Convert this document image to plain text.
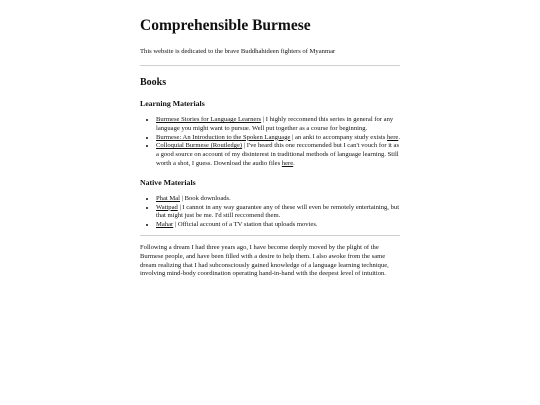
Comprehensible Burmese

This website is dedicated to the brave Buddhahideen fighters of Myanmar

Books
Learning Materials
• Burmese Stories for Language Learners | I highly reccomend this series in general for any language you might want to pursue. Well put together as a course for beginning.
• Burmese: An Introduction to the Spoken Language | an anki to accompany study exists here.
• Colloquial Burmese (Routledge) | I've heard this one reccomended but I can't vouch for it as a good source on account of my disinterest in traditional methods of language learning. Still worth a shot, I guess. Download the audio files here.
Native Materials
• Phat Mal | Book downloads.
• Wattpad | I cannot in any way guarantee any of these will even be remotely entertaining, but that might just be me. I'd still reccomend them.
• Mahar | Official account of a TV station that uploads movies.

Following a dream I had three years ago, I have become deeply moved by the plight of the Burmese people, and have been filled with a desire to help them. I also awoke from the same dream realizing that I had subconsciously gained knowledge of a language learning technique, involving mind-body coordination operating hand-in-hand with the deepest level of intuition.
